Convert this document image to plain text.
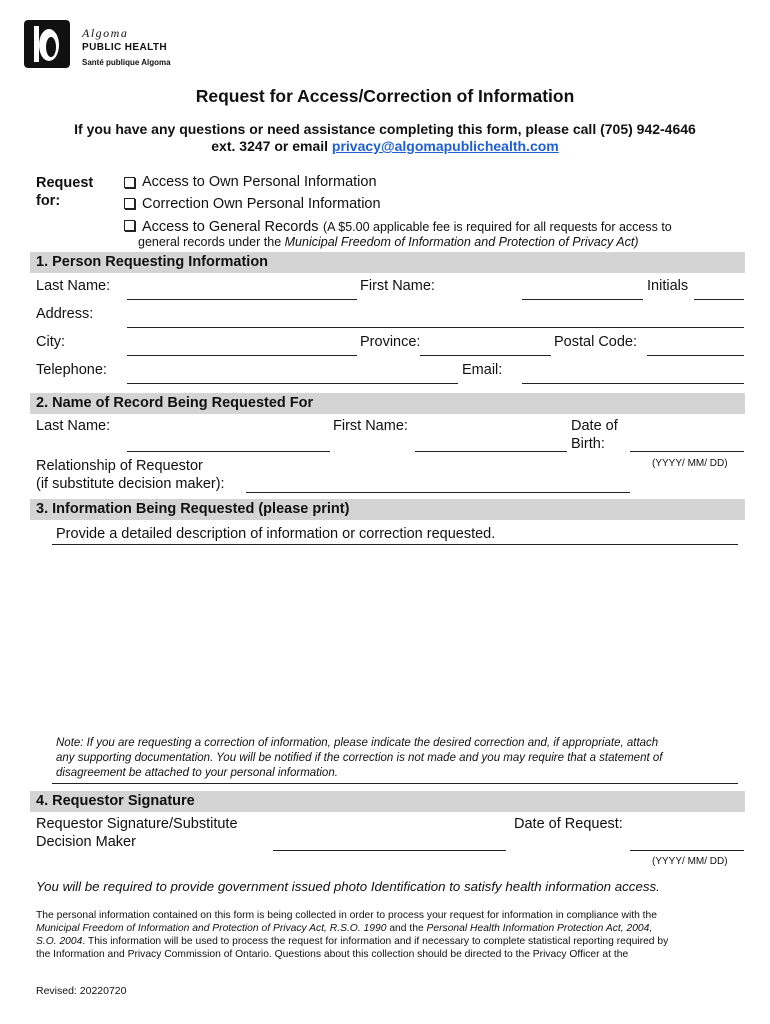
Algoma
PUBLIC HEALTH
Santé publique Algoma
Request for Access/Correction of Information
If you have any questions or need assistance completing this form, please call (705) 942-4646
ext. 3247 or email privacy@algomapublichealth.com
Request
for:
Access to Own Personal Information
Correction Own Personal Information
Access to General Records (A $5.00 applicable fee is required for all requests for access to
general records under the Municipal Freedom of Information and Protection of Privacy Act)
1. Person Requesting Information
Last Name:	First Name:	Initials
Address:
City:	Province:	Postal Code:
Telephone:	Email:
2. Name of Record Being Requested For
Last Name:	First Name:	Date of
Birth:
(YYYY/ MM/ DD)
Relationship of Requestor
(if substitute decision maker):
3. Information Being Requested (please print)
Provide a detailed description of information or correction requested.
Note: If you are requesting a correction of information, please indicate the desired correction and, if appropriate, attach
any supporting documentation. You will be notified if the correction is not made and you may require that a statement of
disagreement be attached to your personal information.
4. Requestor Signature
Requestor Signature/Substitute
Decision Maker
Date of Request:
(YYYY/ MM/ DD)
You will be required to provide government issued photo Identification to satisfy health information access.
The personal information contained on this form is being collected in order to process your request for information in compliance with the
Municipal Freedom of Information and Protection of Privacy Act, R.S.O. 1990 and the Personal Health Information Protection Act, 2004,
S.O. 2004. This information will be used to process the request for information and if necessary to complete statistical reporting required by
the Information and Privacy Commission of Ontario. Questions about this collection should be directed to the Privacy Officer at the
Revised: 20220720
